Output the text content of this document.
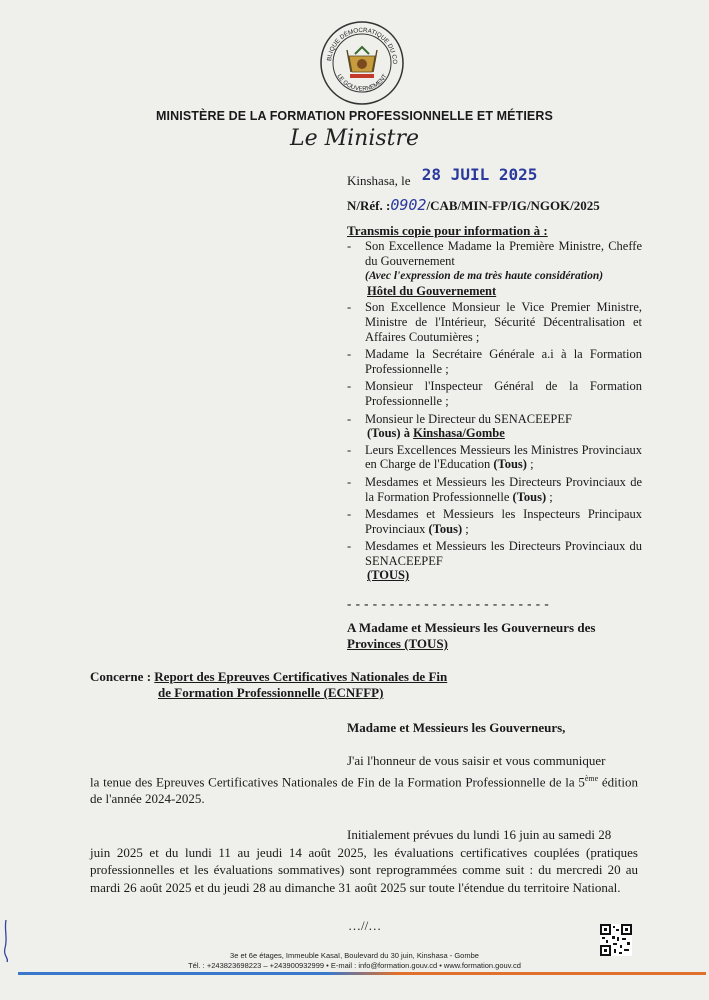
BLIQUE DÉMOCRATIQUE DU CO
LE GOUVERNEMENT
MINISTÈRE DE LA FORMATION PROFESSIONNELLE ET MÉTIERS
Le Ministre
Kinshasa, le 28 JUIL 2025
N/Réf. :0902/CAB/MIN-FP/IG/NGOK/2025
Transmis copie pour information à :
- Son Excellence Madame la Première Ministre, Cheffe du Gouvernement
(Avec l'expression de ma très haute considération)
Hôtel du Gouvernement
- Son Excellence Monsieur le Vice Premier Ministre, Ministre de l'Intérieur, Sécurité Décentralisation et Affaires Coutumières ;
- Madame la Secrétaire Générale a.i à la Formation Professionnelle ;
- Monsieur l'Inspecteur Général de la Formation Professionnelle ;
- Monsieur le Directeur du SENACEEPEF
(Tous) à Kinshasa/Gombe
- Leurs Excellences Messieurs les Ministres Provinciaux en Charge de l'Education (Tous) ;
- Mesdames et Messieurs les Directeurs Provinciaux de la Formation Professionnelle (Tous) ;
- Mesdames et Messieurs les Inspecteurs Principaux Provinciaux (Tous) ;
- Mesdames et Messieurs les Directeurs Provinciaux du SENACEEPEF
(TOUS)
- - - - - - - - - - - - - - - - - - - - - - - -
A Madame et Messieurs les Gouverneurs des
Provinces (TOUS)
Concerne : Report des Epreuves Certificatives Nationales de Fin
de Formation Professionnelle (ECNFFP)
Madame et Messieurs les Gouverneurs,
J'ai l'honneur de vous saisir et vous communiquer
la tenue des Epreuves Certificatives Nationales de Fin de la Formation Professionnelle de la 5ème édition de l'année 2024-2025.
Initialement prévues du lundi 16 juin au samedi 28
juin 2025 et du lundi 11 au jeudi 14 août 2025, les évaluations certificatives couplées (pratiques professionnelles et les évaluations sommatives) sont reprogrammées comme suit : du mercredi 20 au mardi 26 août 2025 et du jeudi 28 au dimanche 31 août 2025 sur toute l'étendue du territoire National.
…//…
3e et 6e étages, Immeuble Kasaï, Boulevard du 30 juin, Kinshasa - Gombe
Tél. : +243823698223 – +243900932999 • E-mail : info@formation.gouv.cd • www.formation.gouv.cd
